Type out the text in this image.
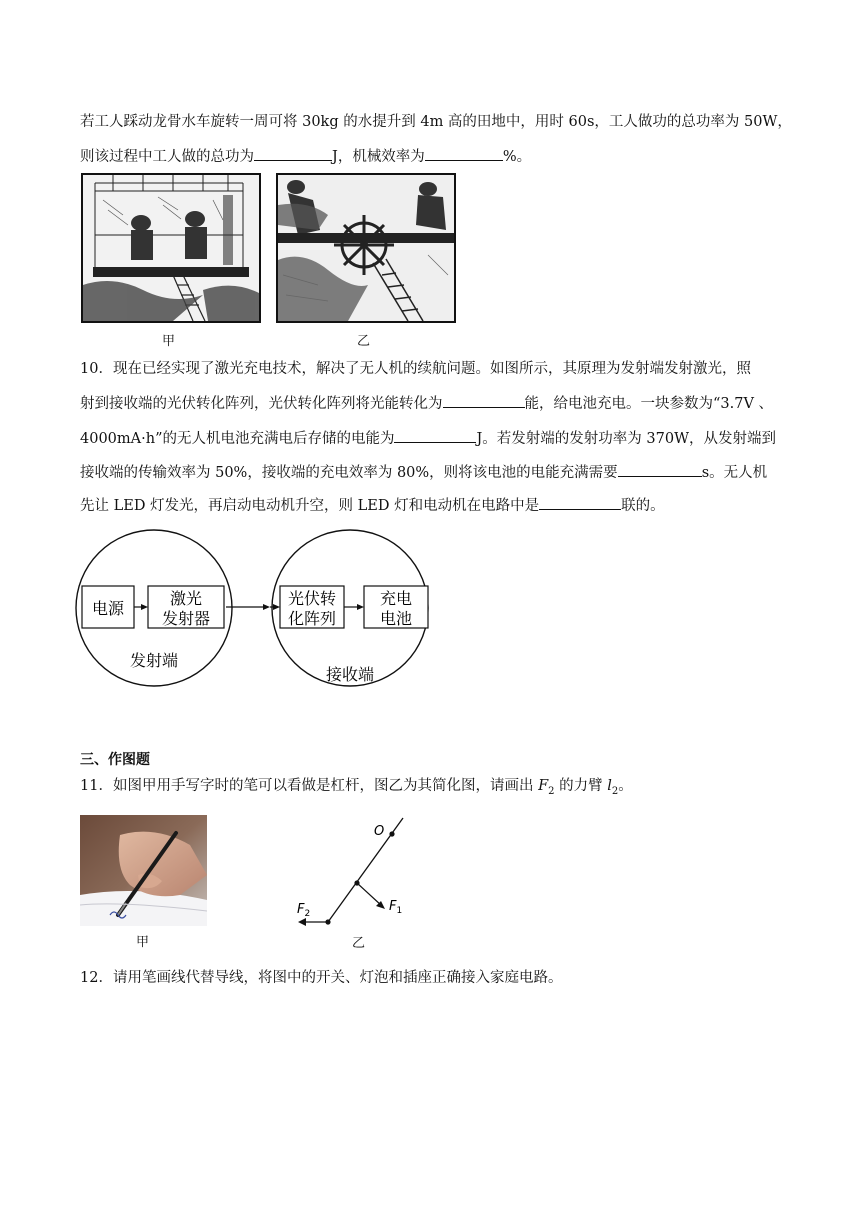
若工人踩动龙骨水车旋转一周可将 30kg 的水提升到 4m 高的田地中，用时 60s，工人做功的总功率为 50W，
则该过程中工人做的总功为	J，机械效率为	%。
甲	乙
10．现在已经实现了激光充电技术，解决了无人机的续航问题。如图所示，其原理为发射端发射激光，照
射到接收端的光伏转化阵列，光伏转化阵列将光能转化为	能，给电池充电。一块参数为“3.7V 、
4000mA·h”的无人机电池充满电后存储的电能为	J。若发射端的发射功率为 370W，从发射端到
接收端的传输效率为 50%，接收端的充电效率为 80%，则将该电池的电能充满需要	s。无人机
先让 LED 灯发光，再启动电动机升空，则 LED 灯和电动机在电路中是	联的。
电源
激光
发射器
光伏转
化阵列
充电
电池
发射端
接收端
三、作图题
11．如图甲用手写字时的笔可以看做是杠杆，图乙为其简化图，请画出 $F_2$ 的力臂 $l_2$。
甲
O
$F_1$
$F_2$
乙
12．请用笔画线代替导线，将图中的开关、灯泡和插座正确接入家庭电路。
